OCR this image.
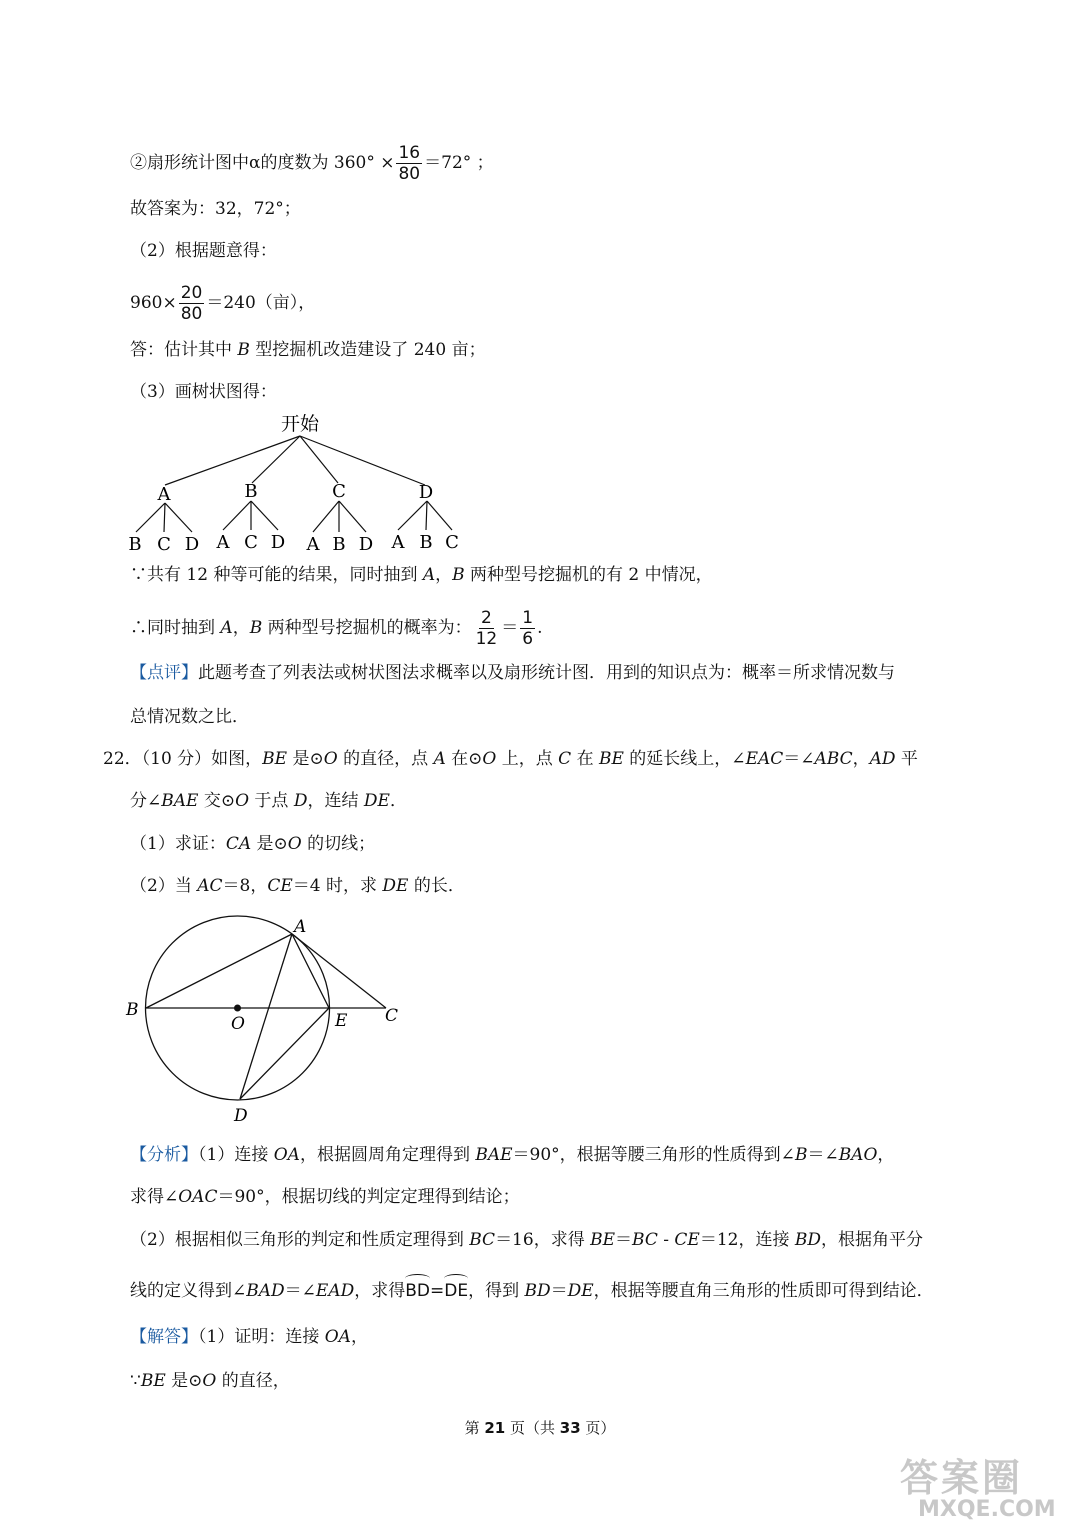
②扇形统计图中α的度数为 $360^\circ \times \frac{16}{80} =72^\circ$ ；
故答案为：32，72°；
（2）根据题意得：
$960\times \frac{20}{80} =240$（亩），
答：估计其中 B 型挖掘机改造建设了 240 亩；
（3）画树状图得：
开始
A	B	C	D
B C D A C D A B D A B C
∵共有 12 种等可能的结果，同时抽到 A，B 两种型号挖掘机的有 2 中情况，
∴同时抽到 A，B 两种型号挖掘机的概率为： $\frac{2}{12} = \frac{1}{6}$ .
【点评】此题考查了列表法或树状图法求概率以及扇形统计图．用到的知识点为：概率＝所求情况数与
总情况数之比．
22．（10 分）如图，BE 是⊙O 的直径，点 A 在⊙O 上，点 C 在 BE 的延长线上，∠EAC＝∠ABC，AD 平
分∠BAE 交⊙O 于点 D，连结 DE．
（1）求证：CA 是⊙O 的切线；
（2）当 AC＝8，CE＝4 时，求 DE 的长．
A
B
O	E C
D
【分析】（1）连接 OA，根据圆周角定理得到 BAE＝90°，根据等腰三角形的性质得到∠B＝∠BAO，
求得∠OAC＝90°，根据切线的判定定理得到结论；
（2）根据相似三角形的判定和性质定理得到 BC＝16，求得 BE＝BC ‐ CE＝12，连接 BD，根据角平分
线的定义得到∠BAD＝∠EAD，求得BD=DE，得到 BD＝DE，根据等腰直角三角形的性质即可得到结论．
【解答】（1）证明：连接 OA，
∵BE 是⊙O 的直径，
第 21 页（共 33 页）
答案圈
MXQE.COM
